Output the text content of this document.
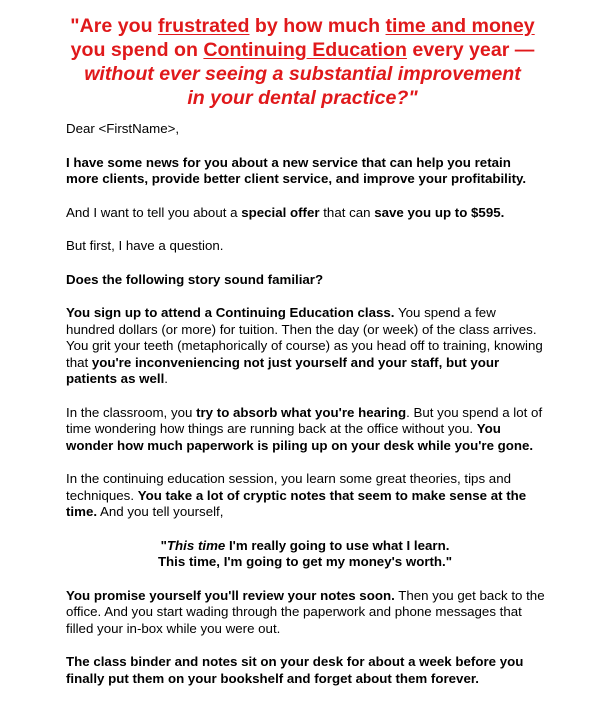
"Are you frustrated by how much time and money
you spend on Continuing Education every year —
without ever seeing a substantial improvement
in your dental practice?"

Dear <FirstName>,

I have some news for you about a new service that can help you retain
more clients, provide better client service, and improve your profitability.

And I want to tell you about a special offer that can save you up to $595.

But first, I have a question.

Does the following story sound familiar?

You sign up to attend a Continuing Education class. You spend a few
hundred dollars (or more) for tuition. Then the day (or week) of the class arrives.
You grit your teeth (metaphorically of course) as you head off to training, knowing
that you're inconveniencing not just yourself and your staff, but your
patients as well.

In the classroom, you try to absorb what you're hearing. But you spend a lot of
time wondering how things are running back at the office without you. You
wonder how much paperwork is piling up on your desk while you're gone.

In the continuing education session, you learn some great theories, tips and
techniques. You take a lot of cryptic notes that seem to make sense at the
time. And you tell yourself,

"This time I'm really going to use what I learn.
This time, I'm going to get my money's worth."

You promise yourself you'll review your notes soon. Then you get back to the
office. And you start wading through the paperwork and phone messages that
filled your in-box while you were out.

The class binder and notes sit on your desk for about a week before you
finally put them on your bookshelf and forget about them forever.
